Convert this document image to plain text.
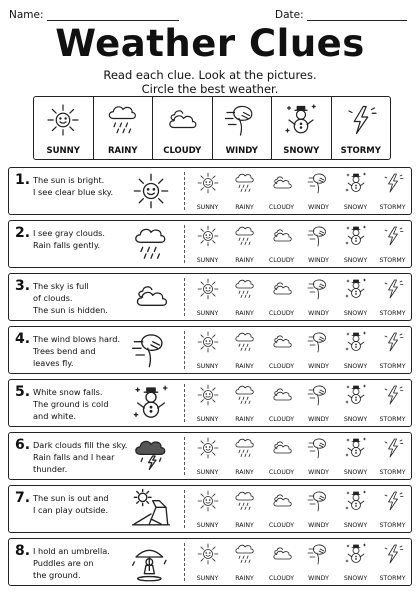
Name:	Date:
Weather Clues
Read each clue. Look at the pictures.
Circle the best weather.
SUNNY	RAINY	CLOUDY	WINDY	SNOWY	STORMY
1. The sun is bright.
I see clear blue sky.
SUNNY	RAINY	CLOUDY	WINDY	SNOWY	STORMY
2. I see gray clouds.
Rain falls gently.
SUNNY	RAINY	CLOUDY	WINDY	SNOWY	STORMY
3. The sky is full
of clouds.
The sun is hidden.	SUNNY	RAINY	CLOUDY	WINDY	SNOWY	STORMY
4. The wind blows hard.
Trees bend and
leaves fly.	SUNNY	RAINY	CLOUDY	WINDY	SNOWY	STORMY
5. White snow falls.
The ground is cold
and white.	SUNNY	RAINY	CLOUDY	WINDY	SNOWY	STORMY
6. Dark clouds fill the sky.
Rain falls and I hear
thunder.	SUNNY	RAINY	CLOUDY	WINDY	SNOWY	STORMY
7. The sun is out and
I can play outside.
SUNNY	RAINY	CLOUDY	WINDY	SNOWY	STORMY
8. I hold an umbrella.
Puddles are on
the ground.	SUNNY	RAINY	CLOUDY	WINDY	SNOWY	STORMY
